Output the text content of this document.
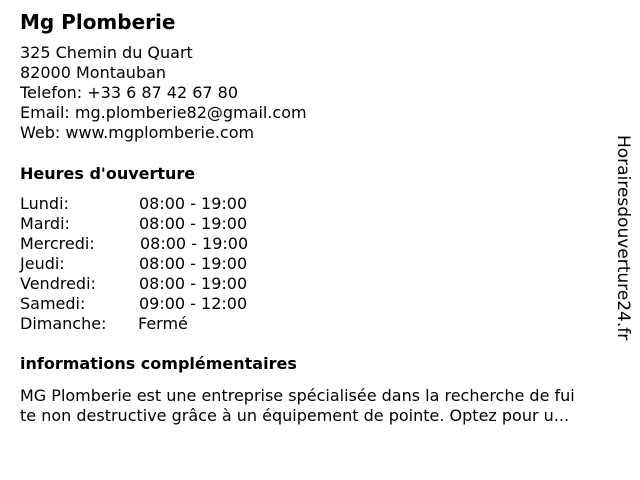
Mg Plomberie
325 Chemin du Quart
82000 Montauban
Telefon: +33 6 87 42 67 80
Email: mg.plomberie82@gmail.com
Web: www.mgplomberie.com
Heures d'ouverture
Lundi:	08:00 - 19:00
Mardi:	08:00 - 19:00
Mercredi:	08:00 - 19:00
Jeudi:	08:00 - 19:00
Vendredi:	08:00 - 19:00
Samedi:	09:00 - 12:00
Dimanche: Fermé
informations complémentaires
MG Plomberie est une entreprise spécialisée dans la recherche de fui
te non destructive grâce à un équipement de pointe. Optez pour u...
Horairesdouverture24.fr
